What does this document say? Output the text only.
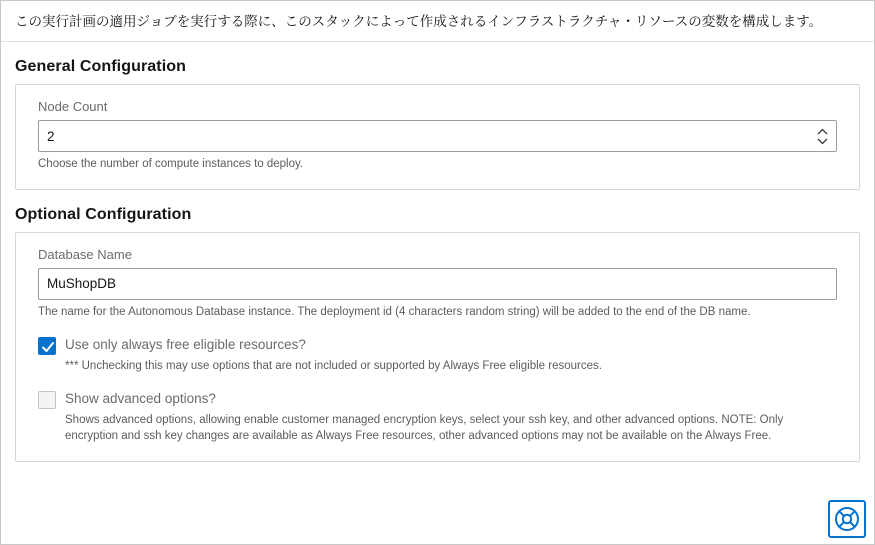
この実行計画の適用ジョブを実行する際に、このスタックによって作成されるインフラストラクチャ・リソースの変数を構成します。
General Configuration
Node Count
2
Choose the number of compute instances to deploy.
Optional Configuration
Database Name
MuShopDB
The name for the Autonomous Database instance. The deployment id (4 characters random string) will be added to the end of the DB name.
Use only always free eligible resources?
*** Unchecking this may use options that are not included or supported by Always Free eligible resources.
Show advanced options?
Shows advanced options, allowing enable customer managed encryption keys, select your ssh key, and other advanced options. NOTE: Only encryption and ssh key changes are available as Always Free resources, other advanced options may not be available on the Always Free.
